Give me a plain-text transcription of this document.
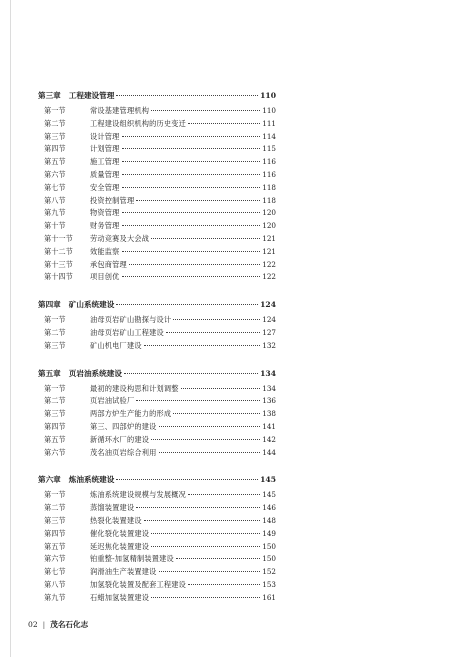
第三章 工程建设管理	110
第一节	常设基建管理机构	110
第二节	工程建设组织机构的历史变迁	111
第三节	设计管理	114
第四节	计划管理	115
第五节	施工管理	116
第六节	质量管理	116
第七节	安全管理	118
第八节	投资控制管理	118
第九节	物资管理	120
第十节	财务管理	120
第十一节	劳动竞赛及大会战	121
第十二节	效能监察	121
第十三节	承包商管理	122
第十四节	项目创优	122
第四章 矿山系统建设	124
第一节	油母页岩矿山勘探与设计	124
第二节	油母页岩矿山工程建设	127
第三节	矿山机电厂建设	132
第五章 页岩油系统建设	134
第一节	最初的建设构思和计划调整	134
第二节	页岩油试验厂	136
第三节	两部方炉生产能力的形成	138
第四节	第三、四部炉的建设	141
第五节	新循环水厂的建设	142
第六节	茂名油页岩综合利用	144
第六章 炼油系统建设	145
第一节	炼油系统建设规模与发展概况	145
第二节	蒸馏装置建设	146
第三节	热裂化装置建设	148
第四节	催化裂化装置建设	149
第五节	延迟焦化装置建设	150
第六节	铂重整-加氢精制装置建设	150
第七节	润滑油生产装置建设	152
第八节	加氢裂化装置及配套工程建设	153
第九节	石蜡加氢装置建设	161
02 | 茂名石化志
